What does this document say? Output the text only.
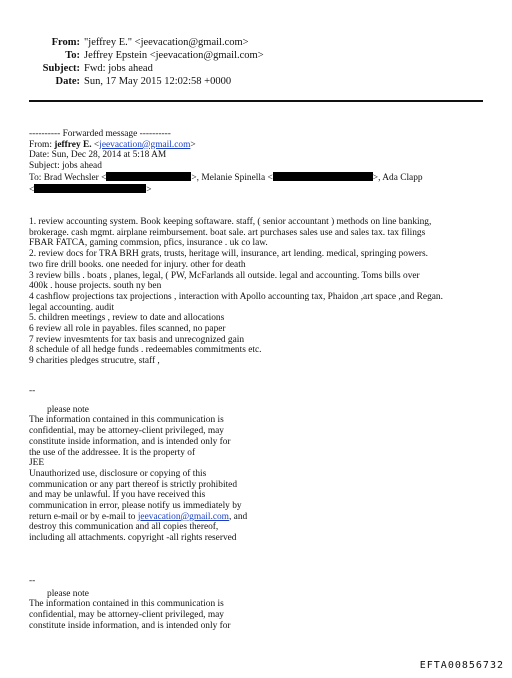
From: "jeffrey E." <jeevacation@gmail.com>
To: Jeffrey Epstein <jeevacation@gmail.com>
Subject: Fwd: jobs ahead
Date: Sun, 17 May 2015 12:02:58 +0000
---------- Forwarded message ----------
From: jeffrey E. <jeevacation@gmail.com>
Date: Sun, Dec 28, 2014 at 5:18 AM
Subject: jobs ahead
To: Brad Wechsler <	>, Melanie Spinella <	>, Ada Clapp
<	>
1. review accounting system. Book keeping softaware. staff, ( senior accountant ) methods on line banking,
brokerage. cash mgmt. airplane reimbursement. boat sale. art purchases sales use and sales tax. tax filings
FBAR FATCA, gaming commsion, pfics, insurance . uk co law.
2. review docs for TRA BRH grats, trusts, heritage will, insurance, art lending. medical, springing powers.
two fire drill books. one needed for injury. other for death
3 review bills . boats , planes, legal, ( PW, McFarlands all outside. legal and accounting. Toms bills over
400k . house projects. south ny ben
4 cashflow projections tax projections , interaction with Apollo accounting tax, Phaidon ,art space ,and Regan.
legal accounting. audit
5. children meetings , review to date and allocations
6 review all role in payables. files scanned, no paper
7 review invesmtents for tax basis and unrecognized gain
8 schedule of all hedge funds . redeemables commitments etc.
9 charities pledges strucutre, staff ,
--
please note
The information contained in this communication is
confidential, may be attorney-client privileged, may
constitute inside information, and is intended only for
the use of the addressee. It is the property of
JEE
Unauthorized use, disclosure or copying of this
communication or any part thereof is strictly prohibited
and may be unlawful. If you have received this
communication in error, please notify us immediately by
return e-mail or by e-mail to jeevacation@gmail.com, and
destroy this communication and all copies thereof,
including all attachments. copyright -all rights reserved
--
please note
The information contained in this communication is
confidential, may be attorney-client privileged, may
constitute inside information, and is intended only for
EFTA00856732
